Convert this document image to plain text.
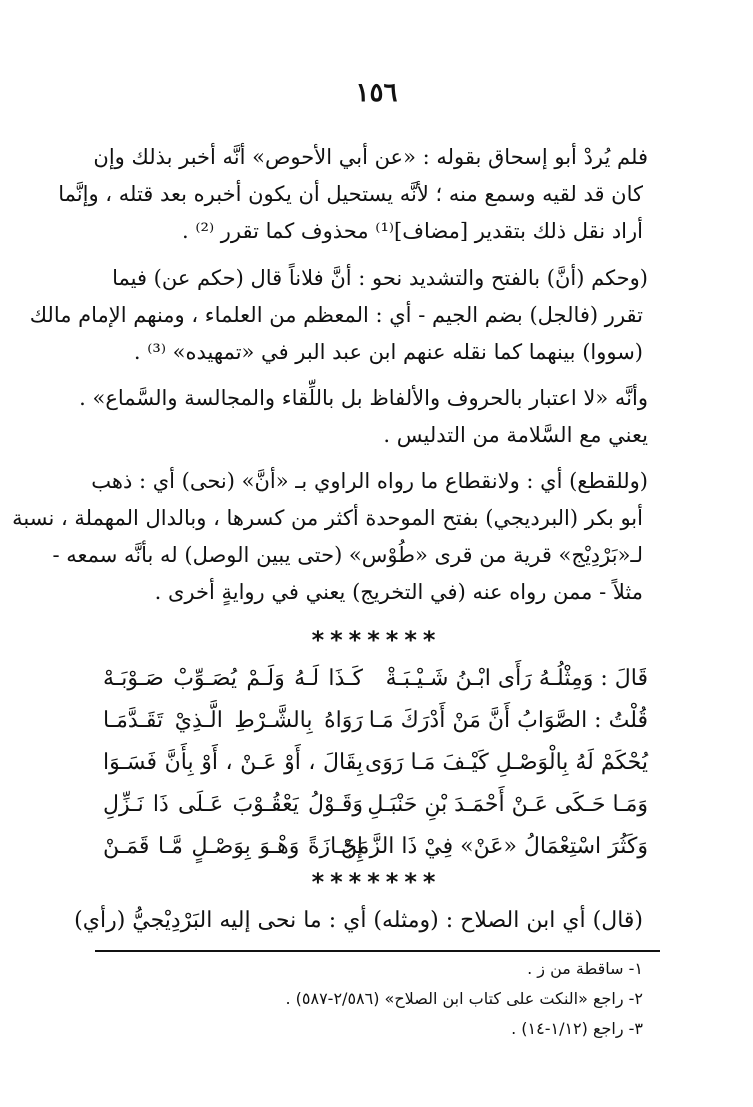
١٥٦
فلم يُردْ أبو إسحاق بقوله : «عن أبي الأحوص» أنَّه أخبر بذلك وإن
كان قد لقيه وسمع منه ؛ لأنَّه يستحيل أن يكون أخبره بعد قتله ، وإنَّما
أراد نقل ذلك بتقدير [مضاف]⁽¹⁾ محذوف كما تقرر ⁽²⁾ .
(وحكم (أنَّ) بالفتح والتشديد نحو : أنَّ فلاناً قال (حكم عن) فيما
تقرر (فالجل) بضم الجيم - أي : المعظم من العلماء ، ومنهم الإمام مالك
(سووا) بينهما كما نقله عنهم ابن عبد البر في «تمهيده» ⁽³⁾ .
وأنَّه «لا اعتبار بالحروف والألفاظ بل باللِّقاء والمجالسة والسَّماع» .
يعني مع السَّلامة من التدليس .
(وللقطع) أي : ولانقطاع ما رواه الراوي بـ «أنَّ» (نحى) أي : ذهب
أبو بكر (البرديجي) بفتح الموحدة أكثر من كسرها ، وبالدال المهملة ، نسبة
لـ«بَرْدِيْج» قرية من قرى «طُوْس» (حتى يبين الوصل) له بأنَّه سمعه -
مثلاً - ممن رواه عنه (في التخريج) يعني في روايةٍ أخرى .
*******
قَالَ : وَمِثْلُـهُ رَأَى ابْـنُ شَـيْـبَـةْ
كَـذَا لَـهُ وَلَـمْ يُصَـوِّبْ صَـوْبَـهْ
قُلْتُ : الصَّوَابُ أَنَّ مَنْ أَدْرَكَ مَـا
رَوَاهُ بِالشَّـرْطِ الَّـذِيْ تَقَـدَّمَـا
يُحْكَمْ لَهُ بِالْوَصْـلِ كَيْـفَ مَـا رَوَى
بِقَالَ ، أَوْ عَـنْ ، أَوْ بِأَنَّ فَسَـوَا
وَمَـا حَـكَى عَـنْ أَحْمَـدَ بْنِ حَنْبَـلِ
وَقَـوْلُ يَعْقُـوْبَ عَـلَى ذَا نَـزِّلِ
وَكَثُرَ اسْتِعْمَالُ «عَنْ» فِيْ ذَا الزَّمَنْ
إِجَـازَةً وَهْـوَ بِوَصْـلٍ مَّـا قَمَـنْ
*******
(قال) أي ابن الصلاح : (ومثله) أي : ما نحى إليه البَرْدِيْجيُّ (رأي)
١- ساقطة من ز .
٢- راجع «النكت على كتاب ابن الصلاح» (٢/٥٨٦-٥٨٧) .
٣- راجع (١/١٢-١٤) .
